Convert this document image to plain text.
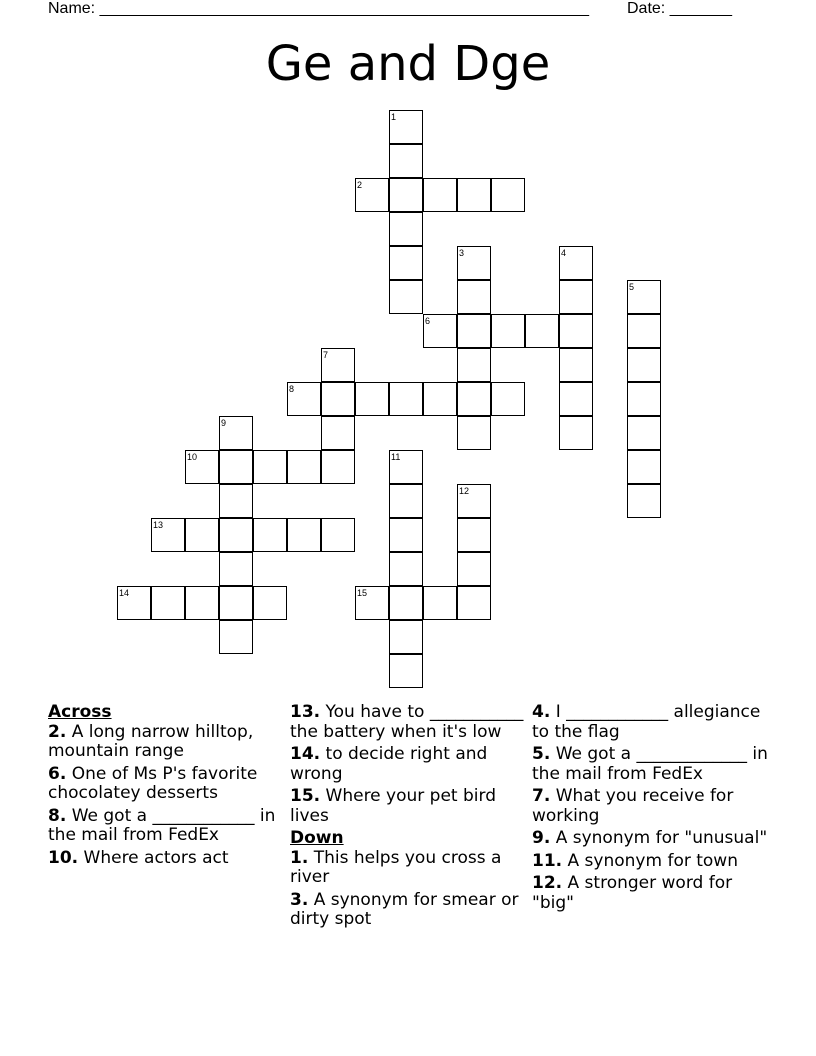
Name: _______________________________________________________ Date: _______
Ge and Dge
1
2
3	4
5
6
7
8
9
10	11
12
13
14	15
Across
2. A long narrow hilltop, mountain range
6. One of Ms P's favorite chocolatey desserts
8. We got a ____________ in the mail from FedEx
10. Where actors act
13. You have to ___________ the battery when it's low
14. to decide right and wrong
15. Where your pet bird lives
Down
1. This helps you cross a river
3. A synonym for smear or dirty spot
4. I ____________ allegiance to the flag
5. We got a _____________ in the mail from FedEx
7. What you receive for working
9. A synonym for "unusual"
11. A synonym for town
12. A stronger word for "big"
